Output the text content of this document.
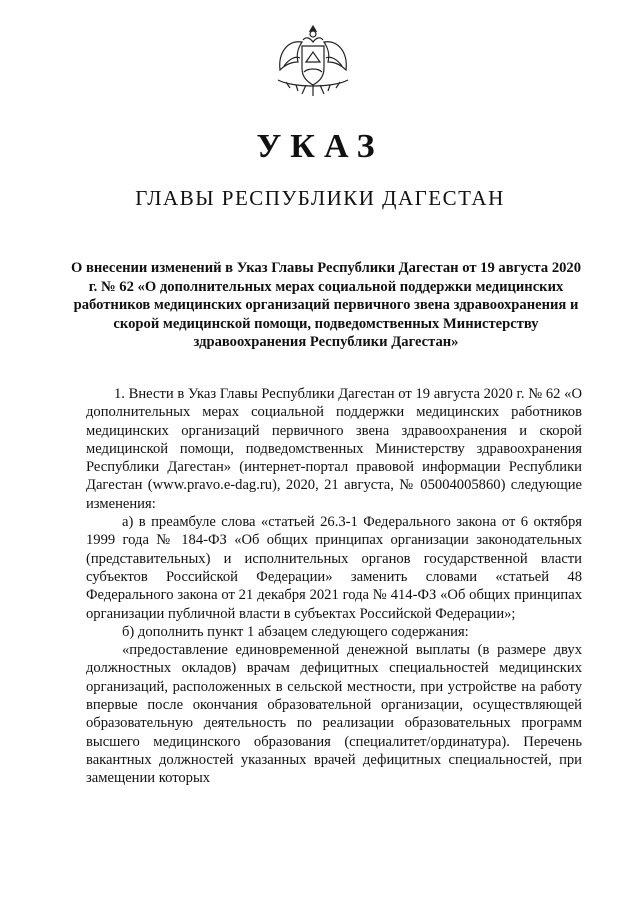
УКАЗ
ГЛАВЫ РЕСПУБЛИКИ ДАГЕСТАН
О внесении изменений в Указ Главы Республики Дагестан от 19 августа 2020 г. № 62 «О дополнительных мерах социальной поддержки медицинских работников медицинских организаций первичного звена здравоохранения и скорой медицинской помощи, подведомственных Министерству здравоохранения Республики Дагестан»

1. Внести в Указ Главы Республики Дагестан от 19 августа 2020 г. № 62 «О дополнительных мерах социальной поддержки медицинских работников медицинских организаций первичного звена здравоохранения и скорой медицинской помощи, подведомственных Министерству здравоохранения Республики Дагестан» (интернет-портал правовой информации Республики Дагестан (www.pravo.e-dag.ru), 2020, 21 августа, № 05004005860) следующие изменения:

а) в преамбуле слова «статьей 26.3-1 Федерального закона от 6 октября 1999 года № 184-ФЗ «Об общих принципах организации законодательных (представительных) и исполнительных органов государственной власти субъектов Российской Федерации» заменить словами «статьей 48 Федерального закона от 21 декабря 2021 года № 414-ФЗ «Об общих принципах организации публичной власти в субъектах Российской Федерации»;

б) дополнить пункт 1 абзацем следующего содержания:

«предоставление единовременной денежной выплаты (в размере двух должностных окладов) врачам дефицитных специальностей медицинских организаций, расположенных в сельской местности, при устройстве на работу впервые после окончания образовательной организации, осуществляющей образовательную деятельность по реализации образовательных программ высшего медицинского образования (специалитет/ординатура). Перечень вакантных должностей указанных врачей дефицитных специальностей, при замещении которых
